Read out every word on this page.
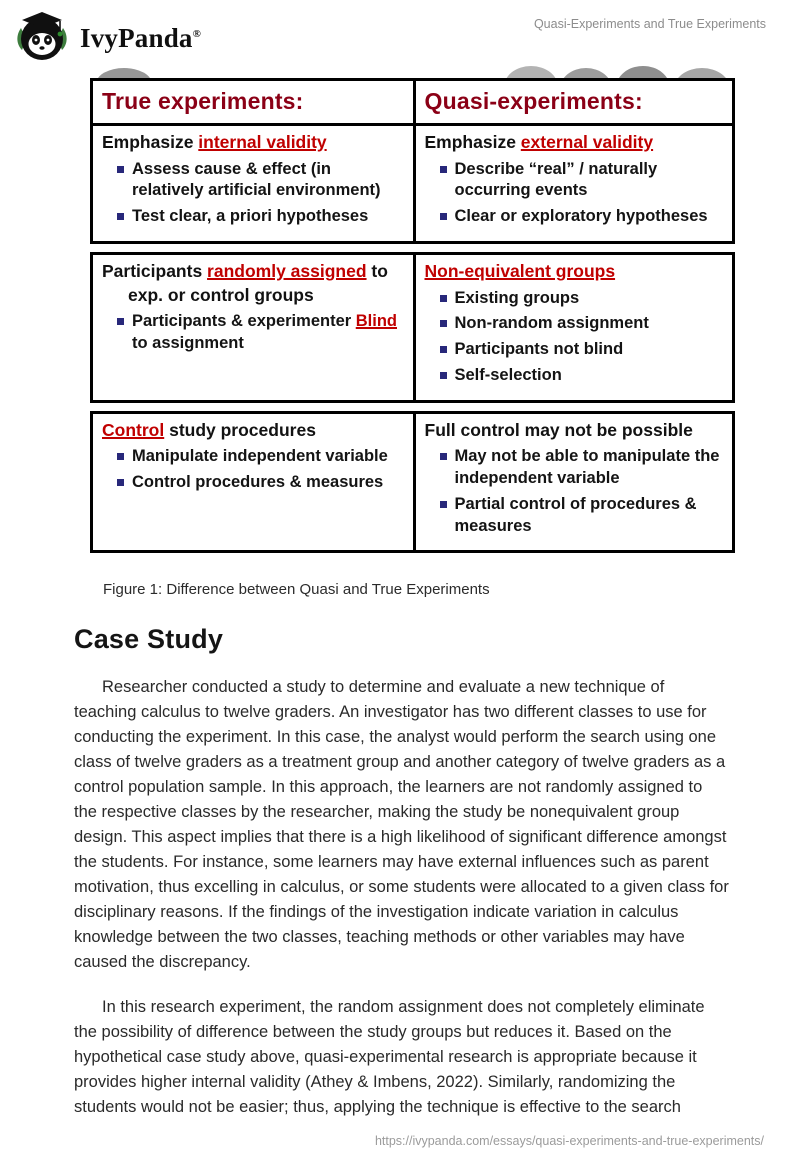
IvyPanda®
Quasi-Experiments and True Experiments
True experiments:	Quasi-experiments:
Emphasize internal validity
Assess cause & effect (in relatively artificial environment)
Test clear, a priori hypotheses
Emphasize external validity
Describe “real” / naturally occurring events
Clear or exploratory hypotheses
Participants randomly assigned to exp. or control groups
Participants & experimenter Blind to assignment
Non-equivalent groups
Existing groups
Non-random assignment
Participants not blind
Self-selection
Control study procedures
Manipulate independent variable
Control procedures & measures
Full control may not be possible
May not be able to manipulate the independent variable
Partial control of procedures & measures
Figure 1: Difference between Quasi and True Experiments
Case Study

Researcher conducted a study to determine and evaluate a new technique of teaching calculus to twelve graders. An investigator has two different classes to use for conducting the experiment. In this case, the analyst would perform the search using one class of twelve graders as a treatment group and another category of twelve graders as a control population sample. In this approach, the learners are not randomly assigned to the respective classes by the researcher, making the study be nonequivalent group design. This aspect implies that there is a high likelihood of significant difference amongst the students. For instance, some learners may have external influences such as parent motivation, thus excelling in calculus, or some students were allocated to a given class for disciplinary reasons. If the findings of the investigation indicate variation in calculus knowledge between the two classes, teaching methods or other variables may have caused the discrepancy.

In this research experiment, the random assignment does not completely eliminate the possibility of difference between the study groups but reduces it. Based on the hypothetical case study above, quasi-experimental research is appropriate because it provides higher internal validity (Athey & Imbens, 2022). Similarly, randomizing the students would not be easier; thus, applying the technique is effective to the search

https://ivypanda.com/essays/quasi-experiments-and-true-experiments/
